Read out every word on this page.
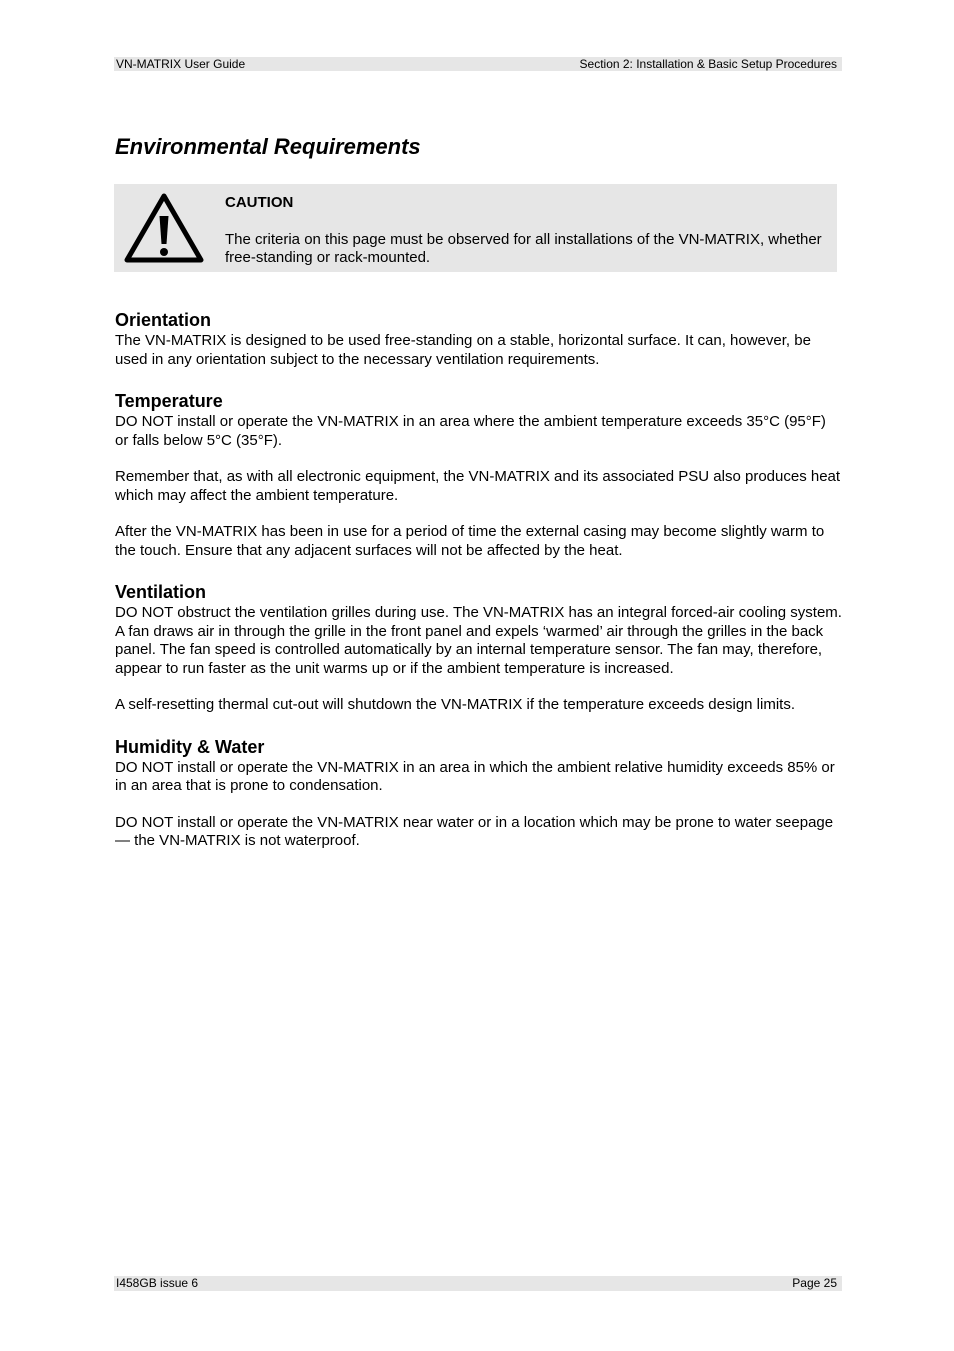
VN-MATRIX User Guide	Section 2: Installation & Basic Setup Procedures
Environmental Requirements
CAUTION
The criteria on this page must be observed for all installations of the VN-MATRIX, whether free-standing or rack-mounted.
Orientation

The VN-MATRIX is designed to be used free-standing on a stable, horizontal surface. It can, however, be used in any orientation subject to the necessary ventilation requirements.

Temperature

DO NOT install or operate the VN-MATRIX in an area where the ambient temperature exceeds 35°C (95°F) or falls below 5°C (35°F).

Remember that, as with all electronic equipment, the VN-MATRIX and its associated PSU also produces heat which may affect the ambient temperature.

After the VN-MATRIX has been in use for a period of time the external casing may become slightly warm to the touch. Ensure that any adjacent surfaces will not be affected by the heat.

Ventilation

DO NOT obstruct the ventilation grilles during use. The VN-MATRIX has an integral forced-air cooling system. A fan draws air in through the grille in the front panel and expels ‘warmed’ air through the grilles in the back panel. The fan speed is controlled automatically by an internal temperature sensor. The fan may, therefore, appear to run faster as the unit warms up or if the ambient temperature is increased.

A self-resetting thermal cut-out will shutdown the VN-MATRIX if the temperature exceeds design limits.

Humidity & Water

DO NOT install or operate the VN-MATRIX in an area in which the ambient relative humidity exceeds 85% or in an area that is prone to condensation.

DO NOT install or operate the VN-MATRIX near water or in a location which may be prone to water seepage — the VN-MATRIX is not waterproof.

I458GB issue 6	Page 25
